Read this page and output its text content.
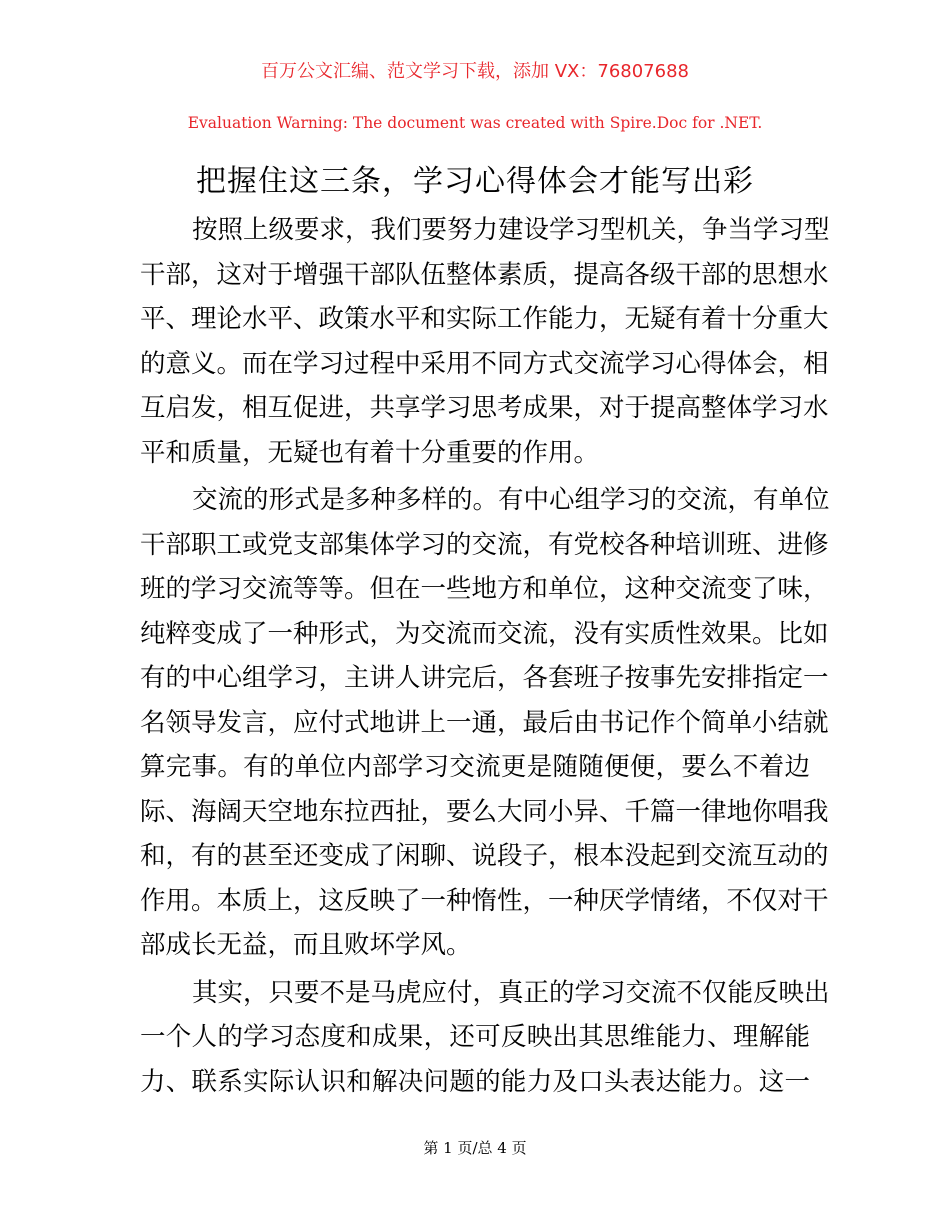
百万公文汇编、范文学习下载，添加 VX：76807688
Evaluation Warning: The document was created with Spire.Doc for .NET.
把握住这三条，学习心得体会才能写出彩
按照上级要求，我们要努力建设学习型机关，争当学习型
干部，这对于增强干部队伍整体素质，提高各级干部的思想水
平、理论水平、政策水平和实际工作能力，无疑有着十分重大
的意义。而在学习过程中采用不同方式交流学习心得体会，相
互启发，相互促进，共享学习思考成果，对于提高整体学习水
平和质量，无疑也有着十分重要的作用。
交流的形式是多种多样的。有中心组学习的交流，有单位
干部职工或党支部集体学习的交流，有党校各种培训班、进修
班的学习交流等等。但在一些地方和单位，这种交流变了味，
纯粹变成了一种形式，为交流而交流，没有实质性效果。比如
有的中心组学习，主讲人讲完后，各套班子按事先安排指定一
名领导发言，应付式地讲上一通，最后由书记作个简单小结就
算完事。有的单位内部学习交流更是随随便便，要么不着边
际、海阔天空地东拉西扯，要么大同小异、千篇一律地你唱我
和，有的甚至还变成了闲聊、说段子，根本没起到交流互动的
作用。本质上，这反映了一种惰性，一种厌学情绪，不仅对干
部成长无益，而且败坏学风。
其实，只要不是马虎应付，真正的学习交流不仅能反映出
一个人的学习态度和成果，还可反映出其思维能力、理解能
力、联系实际认识和解决问题的能力及口头表达能力。这一
第 1 页/总 4 页
